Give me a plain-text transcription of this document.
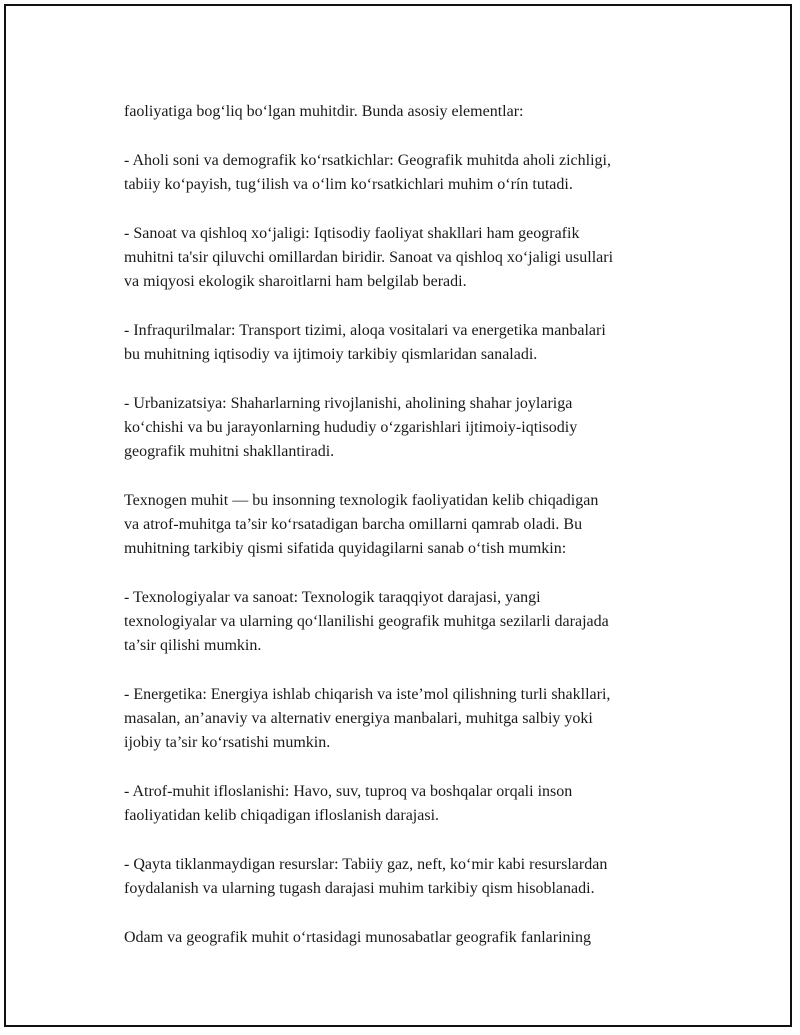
faoliyatiga bog‘liq bo‘lgan muhitdir. Bunda asosiy elementlar:

- Aholi soni va demografik ko‘rsatkichlar: Geografik muhitda aholi zichligi,
tabiiy ko‘payish, tug‘ilish va o‘lim ko‘rsatkichlari muhim o‘rín tutadi.

- Sanoat va qishloq xo‘jaligi: Iqtisodiy faoliyat shakllari ham geografik
muhitni ta'sir qiluvchi omillardan biridir. Sanoat va qishloq xo‘jaligi usullari
va miqyosi ekologik sharoitlarni ham belgilab beradi.

- Infraqurilmalar: Transport tizimi, aloqa vositalari va energetika manbalari
bu muhitning iqtisodiy va ijtimoiy tarkibiy qismlaridan sanaladi.

- Urbanizatsiya: Shaharlarning rivojlanishi, aholining shahar joylariga
ko‘chishi va bu jarayonlarning hududiy o‘zgarishlari ijtimoiy-iqtisodiy
geografik muhitni shakllantiradi.

Texnogen muhit — bu insonning texnologik faoliyatidan kelib chiqadigan
va atrof-muhitga ta’sir ko‘rsatadigan barcha omillarni qamrab oladi. Bu
muhitning tarkibiy qismi sifatida quyidagilarni sanab o‘tish mumkin:

- Texnologiyalar va sanoat: Texnologik taraqqiyot darajasi, yangi
texnologiyalar va ularning qo‘llanilishi geografik muhitga sezilarli darajada
ta’sir qilishi mumkin.

- Energetika: Energiya ishlab chiqarish va iste’mol qilishning turli shakllari,
masalan, an’anaviy va alternativ energiya manbalari, muhitga salbiy yoki
ijobiy ta’sir ko‘rsatishi mumkin.

- Atrof-muhit ifloslanishi: Havo, suv, tuproq va boshqalar orqali inson
faoliyatidan kelib chiqadigan ifloslanish darajasi.

- Qayta tiklanmaydigan resurslar: Tabiiy gaz, neft, ko‘mir kabi resurslardan
foydalanish va ularning tugash darajasi muhim tarkibiy qism hisoblanadi.

Odam va geografik muhit o‘rtasidagi munosabatlar geografik fanlarining
